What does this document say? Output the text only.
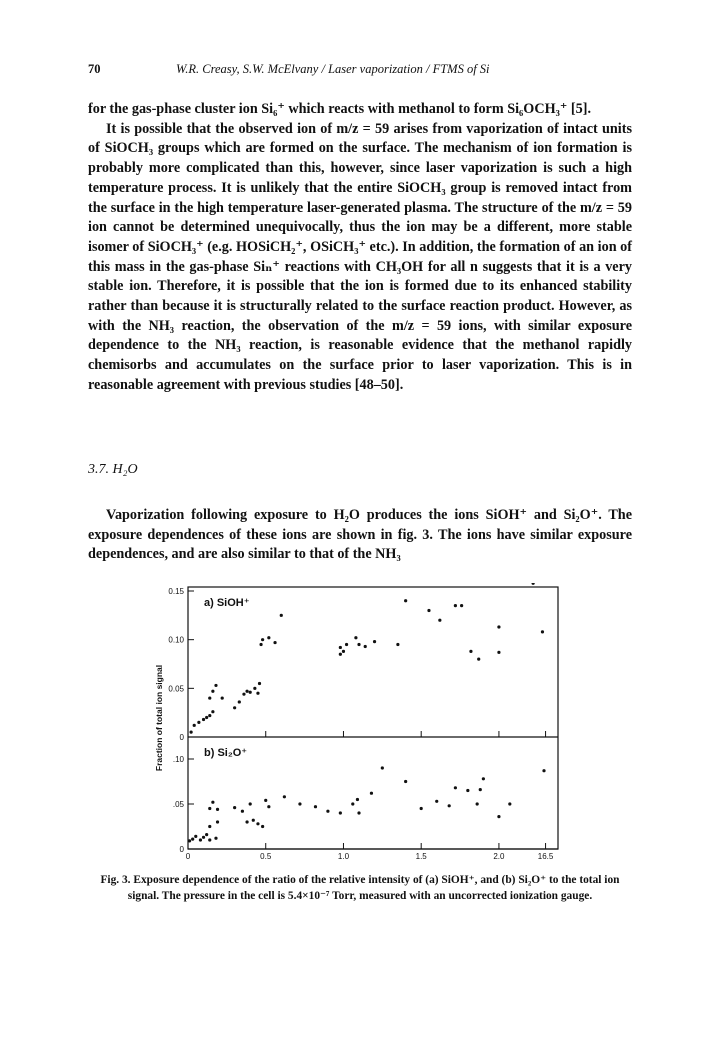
70	W.R. Creasy, S.W. McElvany / Laser vaporization / FTMS of Si

for the gas-phase cluster ion Si₆⁺ which reacts with methanol to form Si₆OCH₃⁺ [5].

It is possible that the observed ion of m/z = 59 arises from vaporization of intact units of SiOCH₃ groups which are formed on the surface. The mechanism of ion formation is probably more complicated than this, however, since laser vaporization is such a high temperature process. It is unlikely that the entire SiOCH₃ group is removed intact from the surface in the high temperature laser-generated plasma. The structure of the m/z = 59 ion cannot be determined unequivocally, thus the ion may be a different, more stable isomer of SiOCH₃⁺ (e.g. HOSiCH₂⁺, OSiCH₃⁺ etc.). In addition, the formation of an ion of this mass in the gas-phase Siₙ⁺ reactions with CH₃OH for all n suggests that it is a very stable ion. Therefore, it is possible that the ion is formed due to its enhanced stability rather than because it is structurally related to the surface reaction product. However, as with the NH₃ reaction, the observation of the m/z = 59 ions, with similar exposure dependence to the NH₃ reaction, is reasonable evidence that the methanol rapidly chemisorbs and accumulates on the surface prior to laser vaporization. This is in reasonable agreement with previous studies [48–50].

3.7. H₂O
Vaporization following exposure to H₂O produces the ions SiOH⁺ and Si₂O⁺. The exposure dependences of these ions are shown in fig. 3. The ions have similar exposure dependences, and are also similar to that of the NH₃
0
0.05
0.10
0.15
a) SiOH⁺
0
.05
.10
b) Si₂O⁺
0	0.5	1.0	1.5	2.0	16.5
Fraction of total ion signal
Fig. 3. Exposure dependence of the ratio of the relative intensity of (a) SiOH⁺, and (b) Si₂O⁺ to the total ion signal. The pressure in the cell is 5.4×10⁻⁷ Torr, measured with an uncorrected ionization gauge.
